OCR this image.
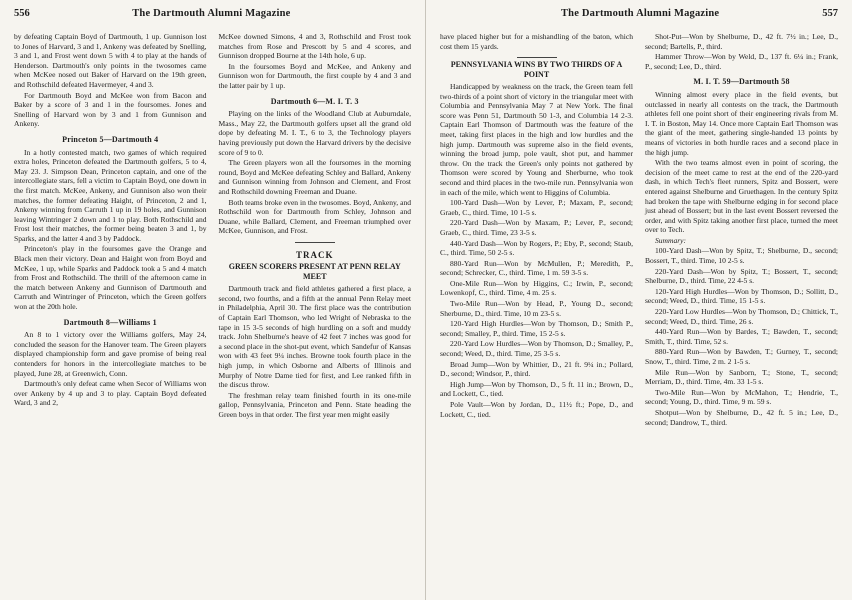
556	The Dartmouth Alumni Magazine

by defeating Captain Boyd of Dartmouth, 1 up. Gunnison lost to Jones of Harvard, 3 and 1, Ankeny was defeated by Snelling, 3 and 1, and Frost went down 5 with 4 to play at the hands of Henderson. Dartmouth's only points in the twosomes came when McKee nosed out Baker of Harvard on the 19th green, and Rothschild defeated Havermeyer, 4 and 3.

For Dartmouth Boyd and McKee won from Bacon and Baker by a score of 3 and 1 in the foursomes. Jones and Snelling of Harvard won by 3 and 1 from Gunnison and Ankeny.

Princeton 5—Dartmouth 4

In a hotly contested match, two games of which required extra holes, Princeton defeated the Dartmouth golfers, 5 to 4, May 23. J. Simpson Dean, Princeton captain, and one of the intercollegiate stars, fell a victim to Captain Boyd, one down in the first match. McKee, Ankeny, and Gunnison also won their matches, the former defeating Haight, of Princeton, 2 and 1, Ankeny winning from Carruth 1 up in 19 holes, and Gunnison leaving Wintringer 2 down and 1 to play. Both Rothschild and Frost lost their matches, the former being beaten 3 and 1, by Sparks, and the latter 4 and 3 by Paddock.

Princeton's play in the foursomes gave the Orange and Black men their victory. Dean and Haight won from Boyd and McKee, 1 up, while Sparks and Paddock took a 5 and 4 match from Frost and Rothschild. The thrill of the afternoon came in the match between Ankeny and Gunnison of Dartmouth and Carruth and Wintringer of Princeton, which the Green golfers won at the 20th hole.

Dartmouth 8—Williams 1

An 8 to 1 victory over the Williams golfers, May 24, concluded the season for the Hanover team. The Green players displayed championship form and gave promise of being real contenders for honors in the intercollegiate matches to be played, June 28, at Greenwich, Conn.

Dartmouth's only defeat came when Secor of Williams won over Ankeny by 4 up and 3 to play. Captain Boyd defeated Ward, 3 and 2,

McKee downed Simons, 4 and 3, Rothschild and Frost took matches from Rose and Prescott by 5 and 4 scores, and Gunnison dropped Bourne at the 14th hole, 6 up.

In the foursomes Boyd and McKee, and Ankeny and Gunnison won for Dartmouth, the first couple by 4 and 3 and the latter pair by 1 up.

Dartmouth 6—M. I. T. 3

Playing on the links of the Woodland Club at Auburndale, Mass., May 22, the Dartmouth golfers upset all the grand old dope by defeating M. I. T., 6 to 3, the Technology players having previously put down the Harvard drivers by the decisive score of 9 to 0.

The Green players won all the foursomes in the morning round, Boyd and McKee defeating Schley and Ballard, Ankeny and Gunnison winning from Johnson and Clement, and Frost and Rothschild downing Freeman and Duane.

Both teams broke even in the twosomes. Boyd, Ankeny, and Rothschild won for Dartmouth from Schley, Johnson and Duane, while Ballard, Clement, and Freeman triumphed over McKee, Gunnison, and Frost.

TRACK
GREEN SCORERS PRESENT AT PENN RELAY MEET

Dartmouth track and field athletes gathered a first place, a second, two fourths, and a fifth at the annual Penn Relay meet in Philadelphia, April 30. The first place was the contribution of Captain Earl Thomson, who led Wright of Nebraska to the tape in 15 3-5 seconds of high hurdling on a soft and muddy track. John Shelburne's heave of 42 feet 7 inches was good for a second place in the shot-put event, which Sandefur of Kansas won with 43 feet 9¼ inches. Browne took fourth place in the high jump, in which Osborne and Alberts of Illinois and Murphy of Notre Dame tied for first, and Lee ranked fifth in the discus throw.

The freshman relay team finished fourth in its one-mile gallop, Pennsylvania, Princeton and Penn. State heading the Green boys in that order. The first year men might easily

The Dartmouth Alumni Magazine	557

have placed higher but for a mishandling of the baton, which cost them 15 yards.

PENNSYLVANIA WINS BY TWO THIRDS OF A POINT

Handicapped by weakness on the track, the Green team fell two-thirds of a point short of victory in the triangular meet with Columbia and Pennsylvania May 7 at New York. The final score was Penn 51, Dartmouth 50 1-3, and Columbia 14 2-3. Captain Earl Thomson of Dartmouth was the feature of the meet, taking first places in the high and low hurdles and the high jump. Dartmouth was supreme also in the field events, winning the broad jump, pole vault, shot put, and hammer throw. On the track the Green's only points not gathered by Thomson were scored by Young and Sherburne, who took second and third places in the two-mile run. Pennsylvania won in each of the mile, which went to Higgins of Columbia.

100-Yard Dash—Won by Lever, P.; Maxam, P., second; Graeb, C., third. Time, 10 1-5 s.

220-Yard Dash—Won by Maxam, P.; Lever, P., second; Graeb, C., third. Time, 23 3-5 s.

440-Yard Dash—Won by Rogers, P.; Eby, P., second; Staub, C., third. Time, 50 2-5 s.

880-Yard Run—Won by McMullen, P.; Meredith, P., second; Schrecker, C., third. Time, 1 m. 59 3-5 s.

One-Mile Run—Won by Higgins, C.; Irwin, P., second; Lowenkopf, C., third. Time, 4 m. 25 s.

Two-Mile Run—Won by Head, P., Young D., second; Sherburne, D., third. Time, 10 m 23-5 s.

120-Yard High Hurdles—Won by Thomson, D.; Smith P., second; Smalley, P., third. Time, 15 2-5 s.

220-Yard Low Hurdles—Won by Thomson, D.; Smalley, P., second; Weed, D., third. Time, 25 3-5 s.

Broad Jump—Won by Whittier, D., 21 ft. 9¼ in.; Pollard, D., second; Windsor, P., third.

High Jump—Won by Thomson, D., 5 ft. 11 in.; Brown, D., and Lockett, C., tied.

Pole Vault—Won by Jordan, D., 11½ ft.; Pope, D., and Lockett, C., tied.

Shot-Put—Won by Shelburne, D., 42 ft. 7½ in.; Lee, D., second; Bartells, P., third.

Hammer Throw—Won by Weld, D., 137 ft. 6¼ in.; Frank, P., second; Lee, D., third.

M. I. T. 59—Dartmouth 58

Winning almost every place in the field events, but outclassed in nearly all contests on the track, the Dartmouth athletes fell one point short of their engineering rivals from M. I. T. in Boston, May 14. Once more Captain Earl Thomson was the giant of the meet, gathering single-handed 13 points by means of victories in both hurdle races and a second place in the high jump.

With the two teams almost even in point of scoring, the decision of the meet came to rest at the end of the 220-yard dash, in which Tech's fleet runners, Spitz and Bossert, were entered against Shelburne and Gruethagen. In the century Spitz had broken the tape with Shelburne edging in for second place just ahead of Bossert; but in the last event Bossert reversed the order, and with Spitz taking another first place, turned the meet over to Tech.

Summary:

100-Yard Dash—Won by Spitz, T.; Shelburne, D., second; Bossert, T., third. Time, 10 2-5 s.

220-Yard Dash—Won by Spitz, T.; Bossert, T., second; Shelburne, D., third. Time, 22 4-5 s.

120-Yard High Hurdles—Won by Thomson, D.; Sollitt, D., second; Weed, D., third. Time, 15 1-5 s.

220-Yard Low Hurdles—Won by Thomson, D.; Chittick, T., second; Weed, D., third. Time, 26 s.

440-Yard Run—Won by Bardes, T.; Bawden, T., second; Smith, T., third. Time, 52 s.

880-Yard Run—Won by Bawden, T.; Gurney, T., second; Snow, T., third. Time, 2 m. 2 1-5 s.

Mile Run—Won by Sanborn, T.; Stone, T., second; Merriam, D., third. Time, 4m. 33 1-5 s.

Two-Mile Run—Won by McMahon, T.; Hendrie, T., second; Young, D., third. Time, 9 m. 59 s.

Shotput—Won by Shelburne, D., 42 ft. 5 in.; Lee, D., second; Dandrow, T., third.
